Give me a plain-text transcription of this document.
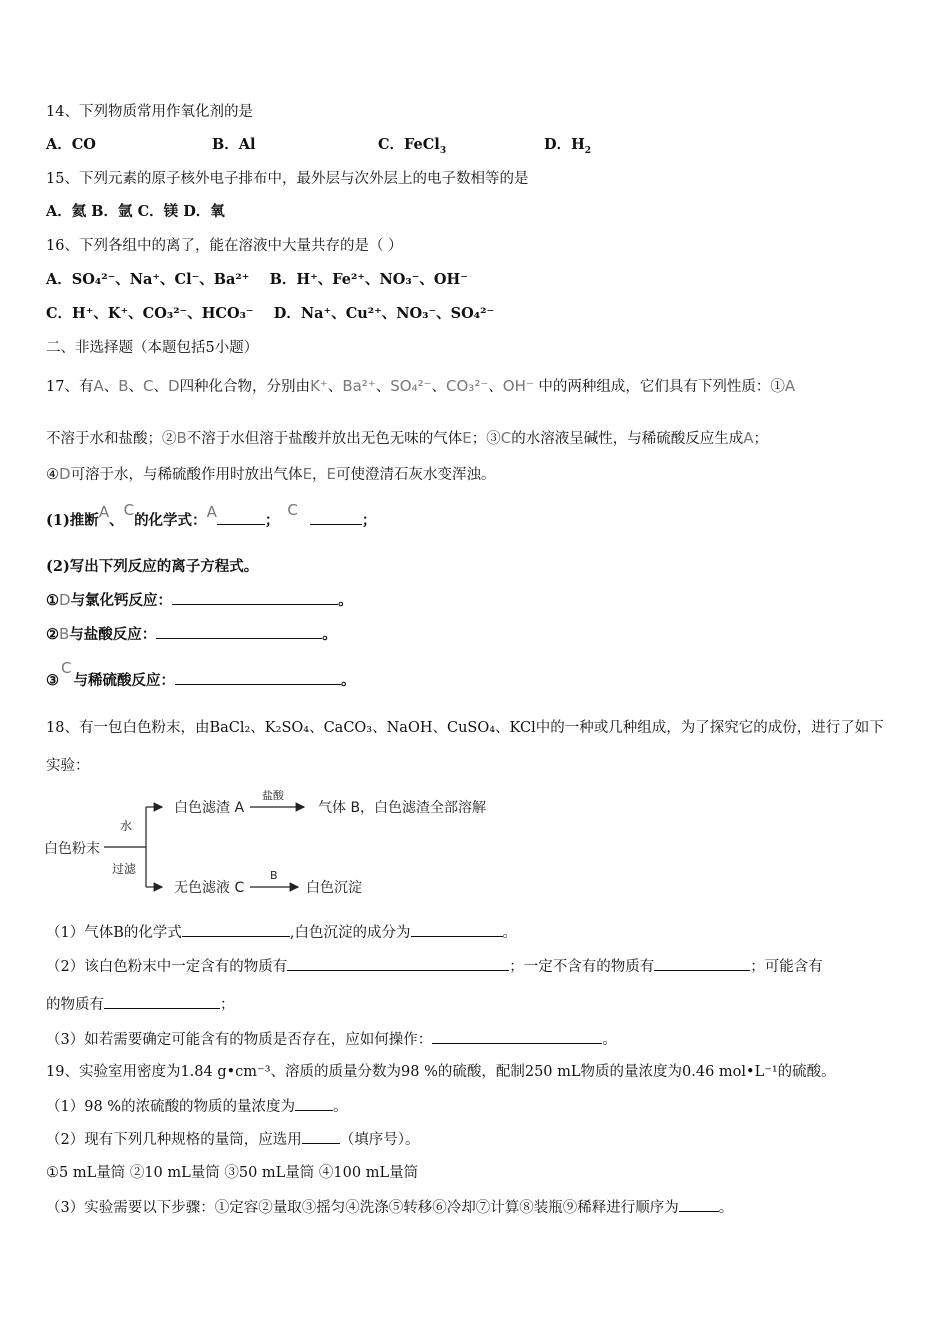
14、下列物质常用作氧化剂的是
A．CO	B．Al	C．FeCl$_3$	D．$H_2$
15、下列元素的原子核外电子排布中，最外层与次外层上的电子数相等的是
A．氦 B．氩 C．镁 D．氧
16、下列各组中的离了，能在溶液中大量共存的是（ ）
A．SO₄²⁻、Na⁺、Cl⁻、Ba²⁺ B．H⁺、Fe²⁺、NO₃⁻、OH⁻
C．H⁺、K⁺、CO₃²⁻、HCO₃⁻ D．Na⁺、Cu²⁺、NO₃⁻、SO₄²⁻
二、非选择题（本题包括5小题）
17、有A、B、C、D四种化合物，分别由K⁺、Ba²⁺、SO₄²⁻、CO₃²⁻、OH⁻ 中的两种组成，它们具有下列性质：①A
不溶于水和盐酸；②B不溶于水但溶于盐酸并放出无色无味的气体E；③C的水溶液呈碱性，与稀硫酸反应生成A；
④D可溶于水，与稀硫酸作用时放出气体E，E可使澄清石灰水变浑浊。
(1)推断A、C的化学式：A	；C；
(2)写出下列反应的离子方程式。
①D与氯化钙反应：	。
②B与盐酸反应：	。
③C与稀硫酸反应：	。
18、有一包白色粉末，由BaCl₂、K₂SO₄、CaCO₃、NaOH、CuSO₄、KCl中的一种或几种组成，为了探究它的成份，进行了如下
实验：
白色粉末
水
过滤
白色滤渣 A
盐酸
气体 B，白色滤渣全部溶解
无色滤液 C
B
白色沉淀
（1）气体B的化学式	,白色沉淀的成分为	。
（2）该白色粉末中一定含有的物质有	；一定不含有的物质有	；可能含有
的物质有	；
（3）如若需要确定可能含有的物质是否存在，应如何操作：	。
19、实验室用密度为1.84 g•cm⁻³、溶质的质量分数为98 %的硫酸，配制250 mL物质的量浓度为0.46 mol•L⁻¹的硫酸。
（1）98 %的浓硫酸的物质的量浓度为	。
（2）现有下列几种规格的量筒，应选用	（填序号）。
①5 mL量筒 ②10 mL量筒 ③50 mL量筒 ④100 mL量筒
（3）实验需要以下步骤：①定容②量取③摇匀④洗涤⑤转移⑥冷却⑦计算⑧装瓶⑨稀释进行顺序为	。
